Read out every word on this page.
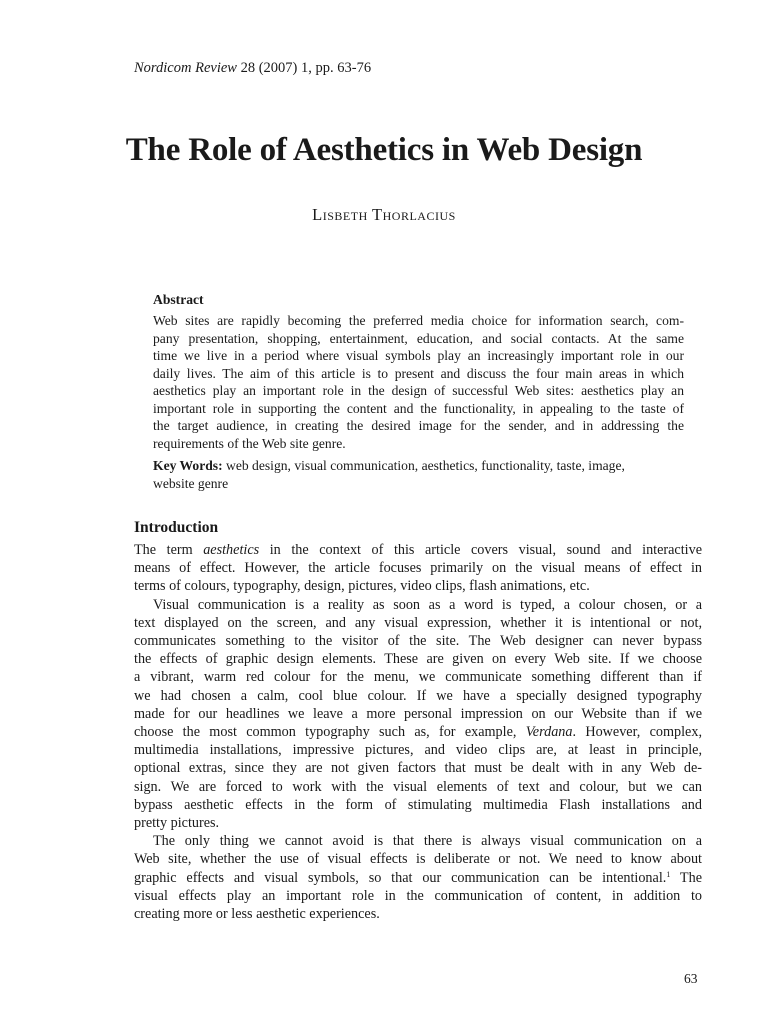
Nordicom Review 28 (2007) 1, pp. 63-76
The Role of Aesthetics in Web Design
Lisbeth Thorlacius
Abstract
Web sites are rapidly becoming the preferred media choice for information search, com-
pany presentation, shopping, entertainment, education, and social contacts. At the same
time we live in a period where visual symbols play an increasingly important role in our
daily lives. The aim of this article is to present and discuss the four main areas in which
aesthetics play an important role in the design of successful Web sites: aesthetics play an
important role in supporting the content and the functionality, in appealing to the taste of
the target audience, in creating the desired image for the sender, and in addressing the
requirements of the Web site genre.
Key Words: web design, visual communication, aesthetics, functionality, taste, image,
website genre
Introduction
The term aesthetics in the context of this article covers visual, sound and interactive
means of effect. However, the article focuses primarily on the visual means of effect in
terms of colours, typography, design, pictures, video clips, flash animations, etc.
Visual communication is a reality as soon as a word is typed, a colour chosen, or a
text displayed on the screen, and any visual expression, whether it is intentional or not,
communicates something to the visitor of the site. The Web designer can never bypass
the effects of graphic design elements. These are given on every Web site. If we choose
a vibrant, warm red colour for the menu, we communicate something different than if
we had chosen a calm, cool blue colour. If we have a specially designed typography
made for our headlines we leave a more personal impression on our Website than if we
choose the most common typography such as, for example, Verdana. However, complex,
multimedia installations, impressive pictures, and video clips are, at least in principle,
optional extras, since they are not given factors that must be dealt with in any Web de-
sign. We are forced to work with the visual elements of text and colour, but we can
bypass aesthetic effects in the form of stimulating multimedia Flash installations and
pretty pictures.
The only thing we cannot avoid is that there is always visual communication on a
Web site, whether the use of visual effects is deliberate or not. We need to know about
graphic effects and visual symbols, so that our communication can be intentional.$^1$ The
visual effects play an important role in the communication of content, in addition to
creating more or less aesthetic experiences.
63
